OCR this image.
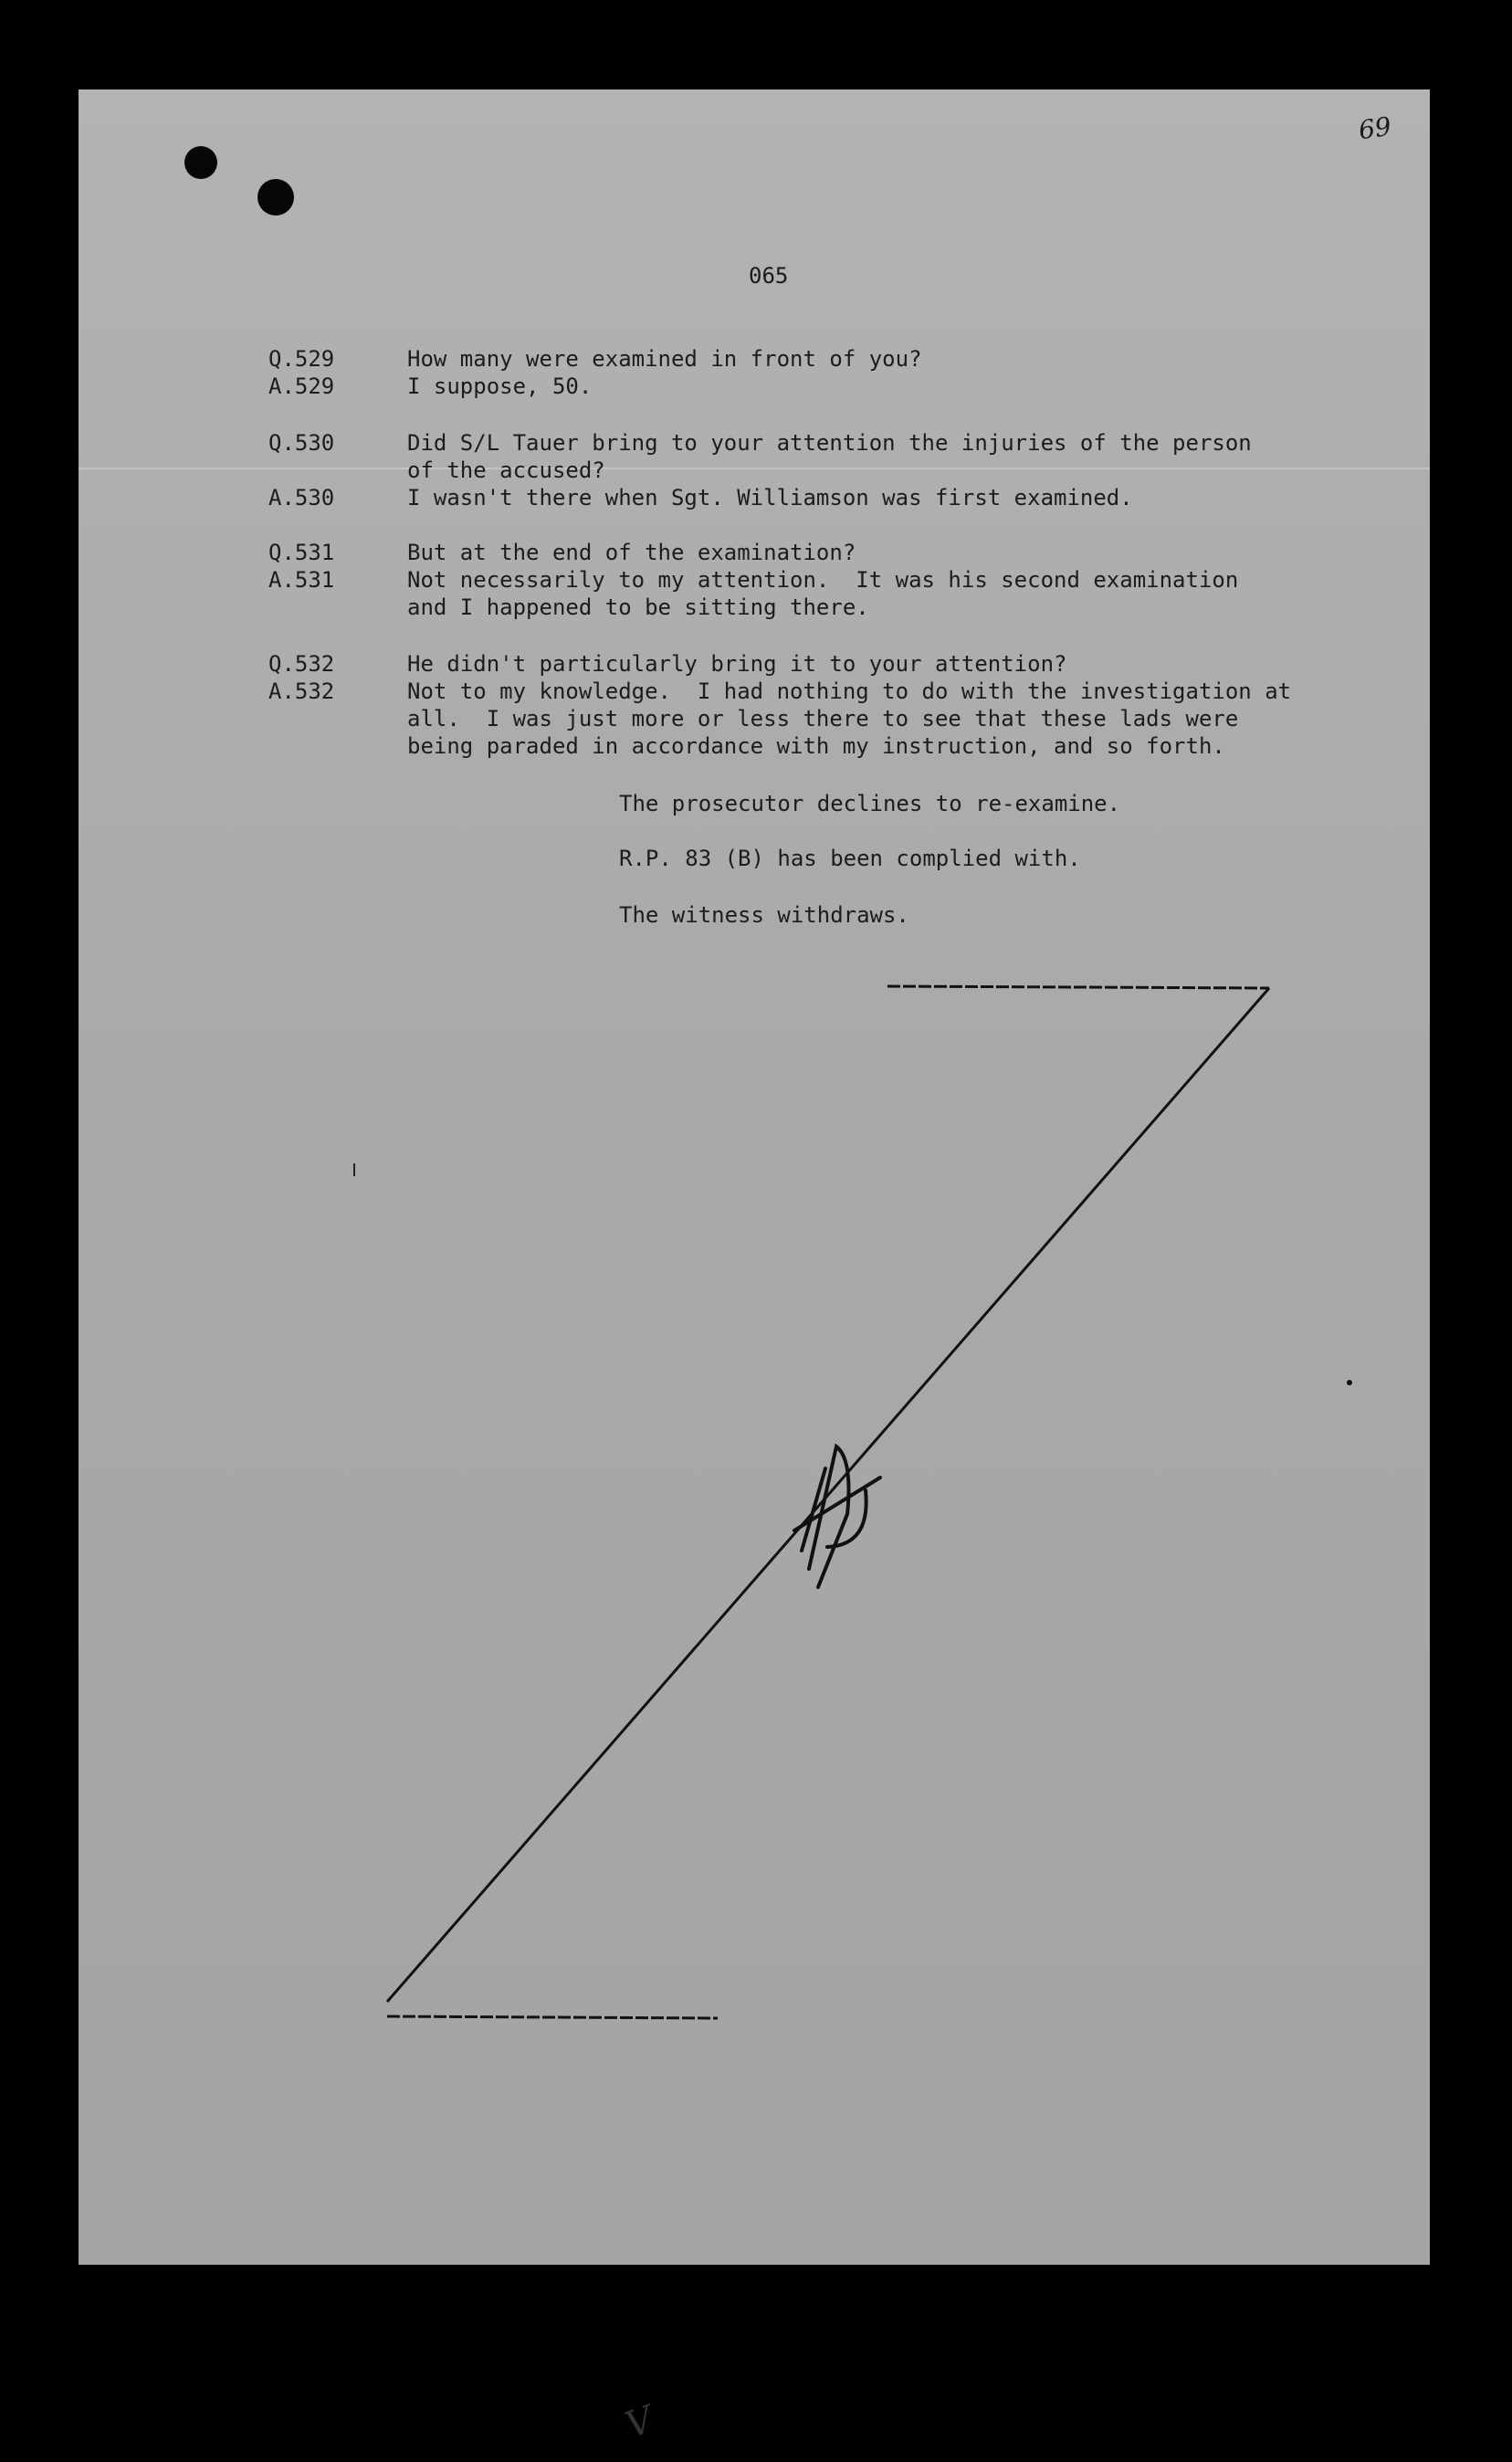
69
065
Q.529	How many were examined in front of you?
A.529	I suppose, 50.
Q.530	Did S/L Tauer bring to your attention the injuries of the person
of the accused?
A.530	I wasn't there when Sgt. Williamson was first examined.
Q.531	But at the end of the examination?
A.531	Not necessarily to my attention.  It was his second examination
and I happened to be sitting there.
Q.532	He didn't particularly bring it to your attention?
A.532	Not to my knowledge.  I had nothing to do with the investigation at
all.  I was just more or less there to see that these lads were
being paraded in accordance with my instruction, and so forth.
The prosecutor declines to re-examine.
R.P. 83 (B) has been complied with.
The witness withdraws.
V
